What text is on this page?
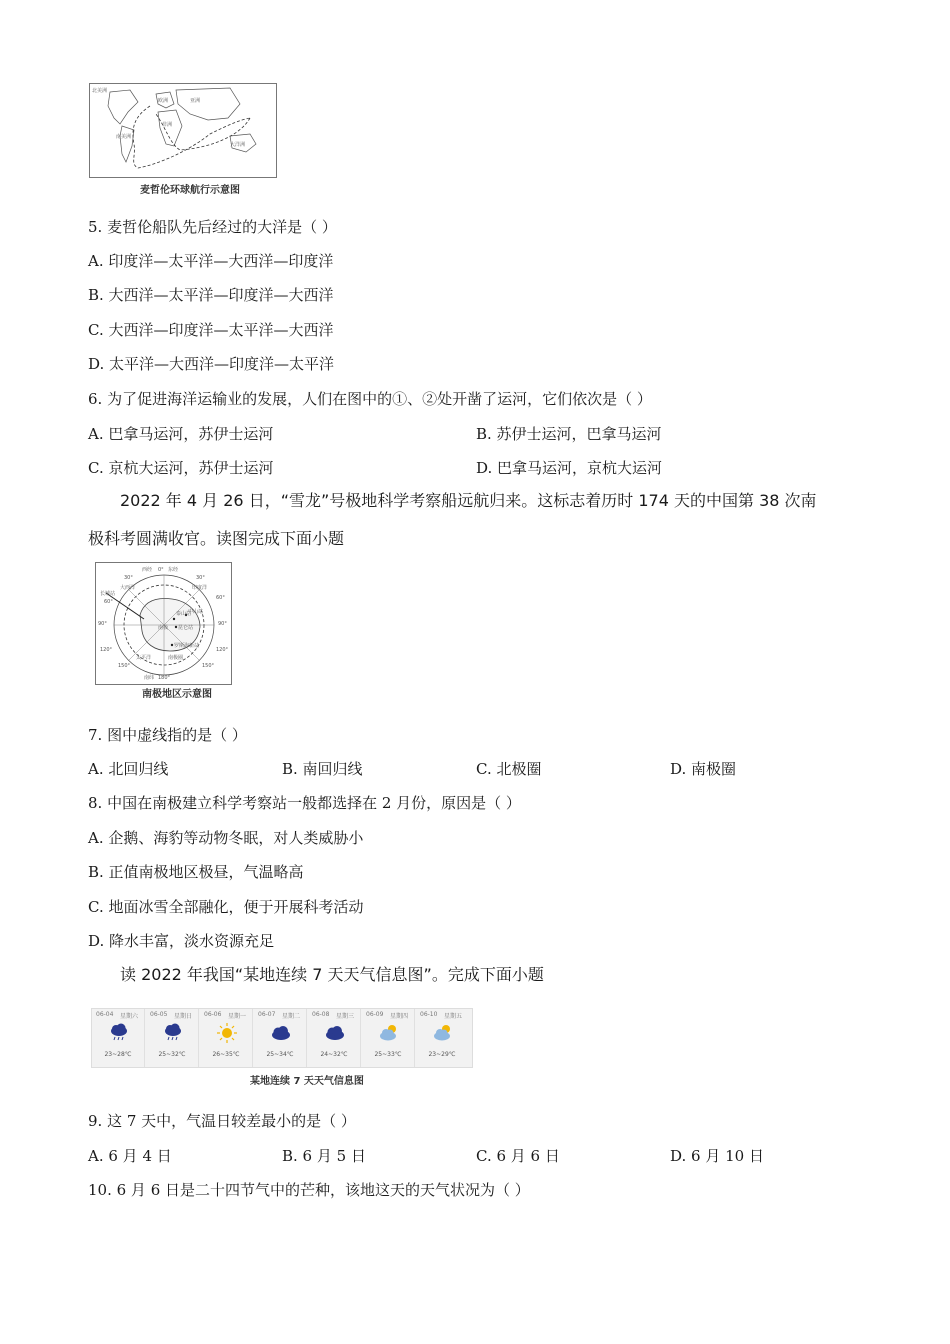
北美洲
亚洲
欧洲
非洲
南美洲
大洋洲
麦哲伦环球航行示意图
5. 麦哲伦船队先后经过的大洋是（ ）
A. 印度洋—太平洋—大西洋—印度洋
B. 大西洋—太平洋—印度洋—大西洋
C. 大西洋—印度洋—太平洋—大西洋
D. 太平洋—大西洋—印度洋—太平洋
6. 为了促进海洋运输业的发展，人们在图中的①、②处开凿了运河，它们依次是（ ）
A. 巴拿马运河，苏伊士运河	B. 苏伊士运河，巴拿马运河
C. 京杭大运河，苏伊士运河	D. 巴拿马运河，京杭大运河
2022 年 4 月 26 日，“雪龙”号极地科学考察船远航归来。这标志着历时 174 天的中国第 38 次南
极科考圆满收官。读图完成下面小题
西经 0° 东经
30°	30°
大西洋	印度洋
长城站
60°
60°
90°	90°
泰山站
中山站
昆仑站
南极
120°	120°
罗斯海新站
150°	150°
南极圈
180°
南纬
太平洋
南极地区示意图
7. 图中虚线指的是（ ）
A. 北回归线	B. 南回归线	C. 北极圈	D. 南极圈
8. 中国在南极建立科学考察站一般都选择在 2 月份，原因是（ ）
A. 企鹅、海豹等动物冬眠，对人类威胁小
B. 正值南极地区极昼，气温略高
C. 地面冰雪全部融化，便于开展科考活动
D. 降水丰富，淡水资源充足
读 2022 年我国“某地连续 7 天天气信息图”。完成下面小题
06-04 星期六
23~28℃
06-05 星期日
25~32℃
06-06 星期一
26~35℃
06-07 星期二
25~34℃
06-08 星期三
24~32℃
06-09 星期四
25~33℃
06-10 星期五
23~29℃
某地连续 7 天天气信息图
9. 这 7 天中，气温日较差最小的是（ ）
A. 6 月 4 日	B. 6 月 5 日	C. 6 月 6 日	D. 6 月 10 日
10. 6 月 6 日是二十四节气中的芒种，该地这天的天气状况为（ ）
